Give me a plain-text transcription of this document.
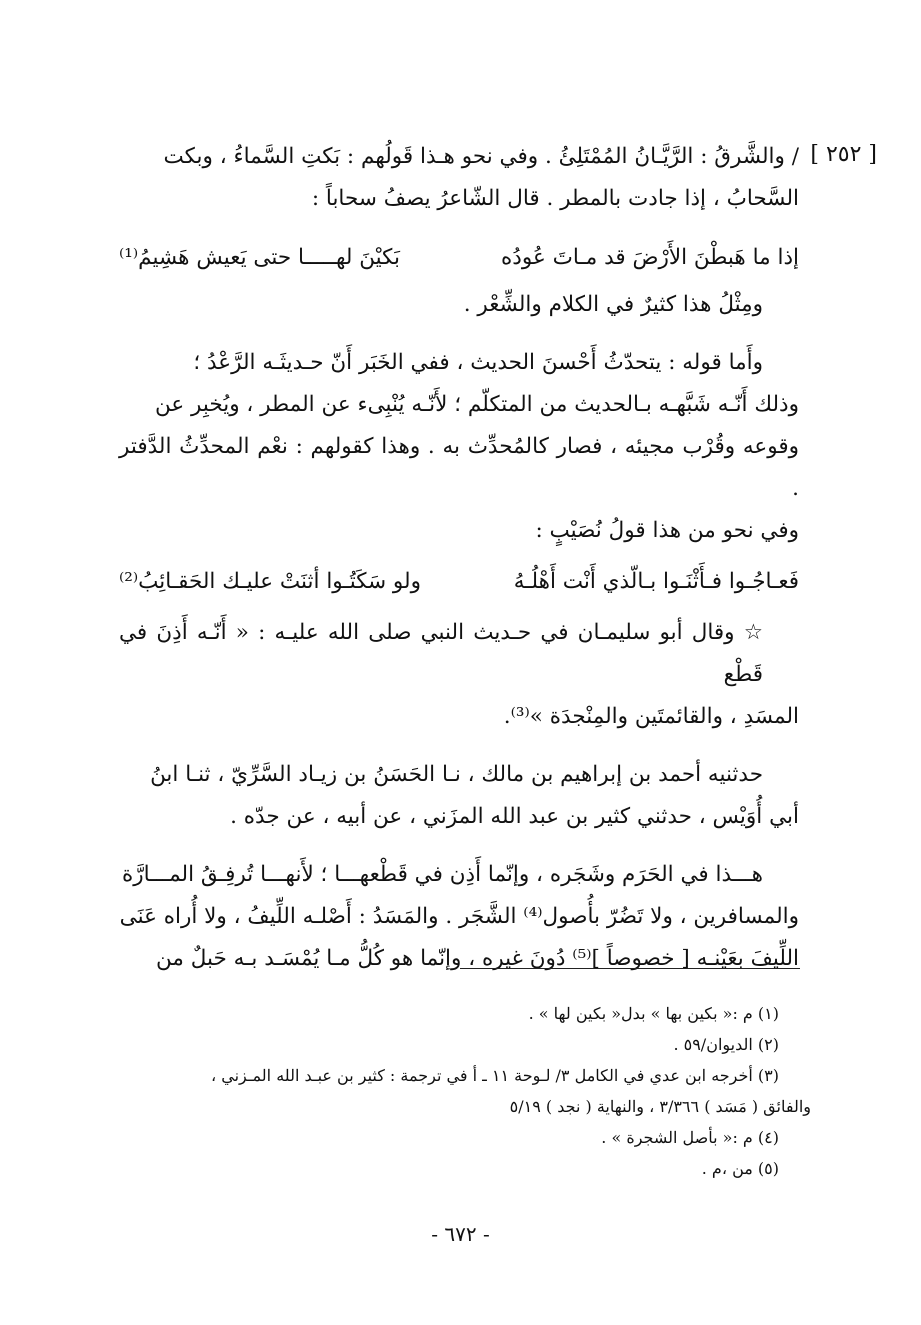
[ ٢٥٢ ]

/ والشَّرقُ : الرَّيَّـانُ المُمْتَلِئُ . وفي نحو هـذا قَولُهم : بَكتِ السَّماءُ ، وبكت

السَّحابُ ، إذا جادت بالمطر . قال الشّاعرُ يصفُ سحاباً :

إذا ما هَبطْنَ الأَرْضَ قد مـاتَ عُودُه
بَكيْنَ لهـــــا حتى يَعيش هَشِيمُ⁽¹⁾

ومِثْلُ هذا كثيرٌ في الكلام والشِّعْر .

وأَما قوله : يتحدّثُ أَحْسنَ الحديث ، ففي الخَبَر أَنّ حـديثَـه الرَّعْدُ ؛

وذلك أَنّـه شَبَّهـه بـالحديث من المتكلّم ؛ لأَنّـه يُنْبِىء عن المطر ، ويُخبِر عن

وقوعه وقُرْب مجيئه ، فصار كالمُحدِّث به . وهذا كقولهم : نعْم المحدِّثُ الدَّفتر .

وفي نحو من هذا قولُ نُصَيْبٍ :

فَعـاجُـوا فـأَثْنَـوا بـالّذي أَنْت أَهْلُـهُ
ولو سَكَتُـوا أثنَتْ عليـك الحَقـائِبُ⁽²⁾

☆ وقال أبو سليمـان في حـديث النبي صلى الله عليـه : « أَنّـه أَذِنَ في قَطْع

المسَدِ ، والقائمتَين والمِنْجدَة »⁽³⁾.

حدثنيه أحمد بن إبراهيم بن مالك ، نـا الحَسَنُ بن زيـاد السَّرِّيّ ، ثنـا ابنُ

أبي أُوَيْس ، حدثني كثير بن عبد الله المزَني ، عن أبيه ، عن جدّه .

هـــذا في الحَرَم وشَجَره ، وإنّما أَذِن في قَطْعهـــا ؛ لأَنهـــا تُرفِـقُ المـــارَّة

والمسافرين ، ولا تَضُرّ بأُصول⁽⁴⁾ الشَّجَر . والمَسَدُ : أَصْلـه اللِّيفُ ، ولا أُراه عَنَى

اللِّيفَ بعَيْنـه [ خصوصاً ]⁽⁵⁾ دُونَ غيره ، وإنّما هو كُلُّ مـا يُمْسَـد بـه حَبلٌ من

(١) م :« بكين بها » بدل« بكين لها » .

(٢) الديوان/٥٩ .

(٣) أخرجه ابن عدي في الكامل ٣/ لـوحة ١١ ـ أ في ترجمة : كثير بن عبـد الله المـزني ،

والفائق ( مَسَد ) ٣/٣٦٦ ، والنهاية ( نجد ) ٥/١٩

(٤) م :« بأصل الشجرة » .

(٥) من ،م .

- ٦٧٢ -
